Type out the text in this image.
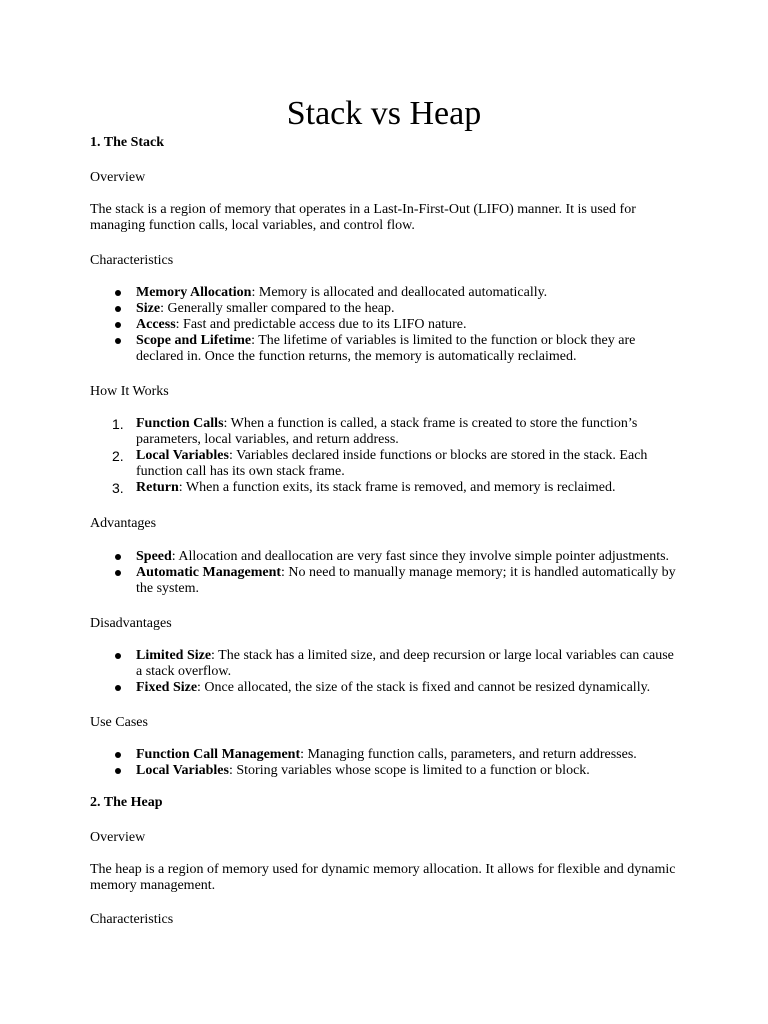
Stack vs Heap

1. The Stack

Overview

The stack is a region of memory that operates in a Last-In-First-Out (LIFO) manner. It is used for managing function calls, local variables, and control flow.

Characteristics

Memory Allocation: Memory is allocated and deallocated automatically.
Size: Generally smaller compared to the heap.
Access: Fast and predictable access due to its LIFO nature.
Scope and Lifetime: The lifetime of variables is limited to the function or block they are declared in. Once the function returns, the memory is automatically reclaimed.

How It Works

1. Function Calls: When a function is called, a stack frame is created to store the function’s parameters, local variables, and return address.
2. Local Variables: Variables declared inside functions or blocks are stored in the stack. Each function call has its own stack frame.
3. Return: When a function exits, its stack frame is removed, and memory is reclaimed.

Advantages

Speed: Allocation and deallocation are very fast since they involve simple pointer adjustments.
Automatic Management: No need to manually manage memory; it is handled automatically by the system.

Disadvantages

Limited Size: The stack has a limited size, and deep recursion or large local variables can cause a stack overflow.
Fixed Size: Once allocated, the size of the stack is fixed and cannot be resized dynamically.

Use Cases

Function Call Management: Managing function calls, parameters, and return addresses.
Local Variables: Storing variables whose scope is limited to a function or block.

2. The Heap

Overview

The heap is a region of memory used for dynamic memory allocation. It allows for flexible and dynamic memory management.

Characteristics
